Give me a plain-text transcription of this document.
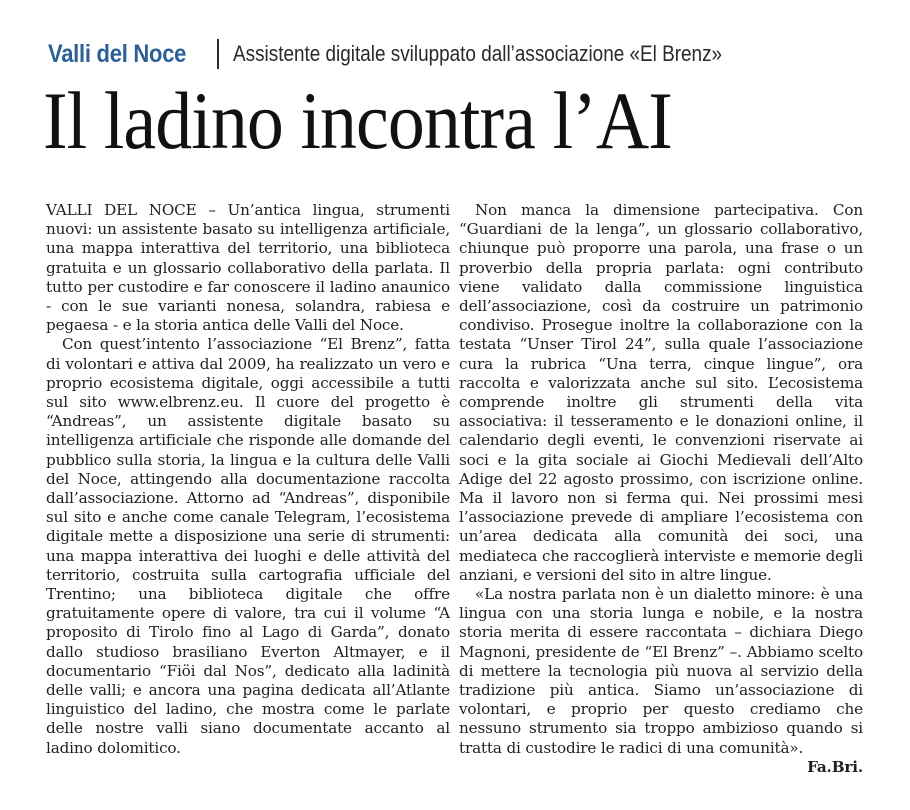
Valli del Noce	Assistente digitale sviluppato dall’associazione «El Brenz»
Il ladino incontra l’AI

VALLI DEL NOCE – Un’antica lingua, strumenti nuovi: un assistente basato su intelligenza artificiale, una mappa interattiva del territorio, una biblioteca gratuita e un glossario collaborativo della parlata. Il tutto per custodire e far conoscere il ladino anaunico - con le sue varianti nonesa, solandra, rabiesa e pegaesa - e la storia antica delle Valli del Noce.

Con quest’intento l’associazione “El Brenz”, fatta di volontari e attiva dal 2009, ha realizzato un vero e proprio ecosistema digitale, oggi accessibile a tutti sul sito www.elbrenz.eu. Il cuore del progetto è “Andreas”, un assistente digitale basato su intelligenza artificiale che risponde alle domande del pubblico sulla storia, la lingua e la cultura delle Valli del Noce, attingendo alla documentazione raccolta dall’associazione. Attorno ad “Andreas”, disponibile sul sito e anche come canale Telegram, l’ecosistema digitale mette a disposizione una serie di strumenti: una mappa interattiva dei luoghi e delle attività del territorio, costruita sulla cartografia ufficiale del Trentino; una biblioteca digitale che offre gratuitamente opere di valore, tra cui il volume “A proposito di Tirolo fino al Lago di Garda”, donato dallo studioso brasiliano Everton Altmayer, e il documentario “Fiöi dal Nos”, dedicato alla ladinità delle valli; e ancora una pagina dedicata all’Atlante linguistico del ladino, che mostra come le parlate delle nostre valli siano documentate accanto al ladino dolomitico.

Non manca la dimensione partecipativa. Con “Guardiani de la lenga”, un glossario collaborativo, chiunque può proporre una parola, una frase o un proverbio della propria parlata: ogni contributo viene validato dalla commissione linguistica dell’associazione, così da costruire un patrimonio condiviso. Prosegue inoltre la collaborazione con la testata “Unser Tirol 24”, sulla quale l’associazione cura la rubrica “Una terra, cinque lingue”, ora raccolta e valorizzata anche sul sito. L’ecosistema comprende inoltre gli strumenti della vita associativa: il tesseramento e le donazioni online, il calendario degli eventi, le convenzioni riservate ai soci e la gita sociale ai Giochi Medievali dell’Alto Adige del 22 agosto prossimo, con iscrizione online. Ma il lavoro non si ferma qui. Nei prossimi mesi l’associazione prevede di ampliare l’ecosistema con un’area dedicata alla comunità dei soci, una mediateca che raccoglierà interviste e memorie degli anziani, e versioni del sito in altre lingue.

«La nostra parlata non è un dialetto minore: è una lingua con una storia lunga e nobile, e la nostra storia merita di essere raccontata – dichiara Diego Magnoni, presidente de “El Brenz” –. Abbiamo scelto di mettere la tecnologia più nuova al servizio della tradizione più antica. Siamo un’associazione di volontari, e proprio per questo crediamo che nessuno strumento sia troppo ambizioso quando si tratta di custodire le radici di una comunità».
Fa.Bri.
